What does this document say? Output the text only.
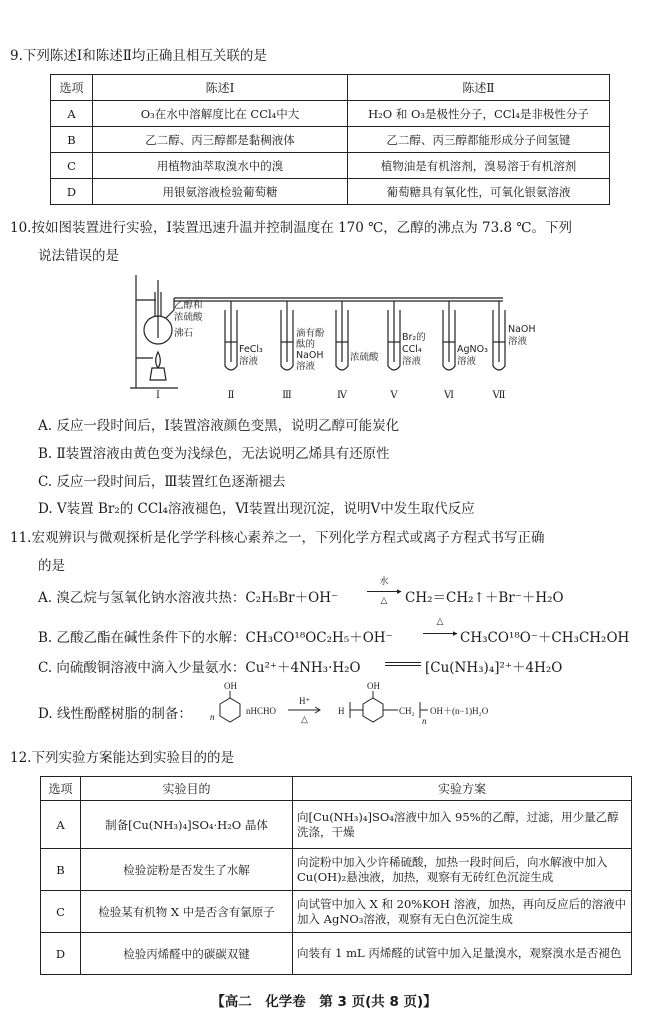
9.下列陈述Ⅰ和陈述Ⅱ均正确且相互关联的是
选项	陈述Ⅰ	陈述Ⅱ
A	O₃在水中溶解度比在 CCl₄中大	H₂O 和 O₃是极性分子，CCl₄是非极性分子
B	乙二醇、丙三醇都是黏稠液体	乙二醇、丙三醇都能形成分子间氢键
C	用植物油萃取溴水中的溴	植物油是有机溶剂，溴易溶于有机溶剂
D	用银氨溶液检验葡萄糖	葡萄糖具有氧化性，可氧化银氨溶液
10.按如图装置进行实验，Ⅰ装置迅速升温并控制温度在 170 ℃，乙醇的沸点为 73.8 ℃。下列
说法错误的是
乙醇和
浓硫酸
沸石
FeCl₃
溶液
滴有酚
酞的
NaOH
溶液
浓硫酸
Br₂的
CCl₄
溶液
AgNO₃
溶液
NaOH
溶液
Ⅰ	Ⅱ	Ⅲ	Ⅳ	Ⅴ	Ⅵ	Ⅶ
A. 反应一段时间后，Ⅰ装置溶液颜色变黑，说明乙醇可能炭化
B. Ⅱ装置溶液由黄色变为浅绿色，无法说明乙烯具有还原性
C. 反应一段时间后，Ⅲ装置红色逐渐褪去
D. Ⅴ装置 Br₂的 CCl₄溶液褪色，Ⅵ装置出现沉淀，说明Ⅴ中发生取代反应
11.宏观辨识与微观探析是化学学科核心素养之一，下列化学方程式或离子方程式书写正确
的是
A. 溴乙烷与氢氧化钠水溶液共热：C₂H₅Br＋OH⁻
水
▸
△	CH₂＝CH₂↑＋Br⁻＋H₂O
B. 乙酸乙酯在碱性条件下的水解：CH₃CO¹⁸OC₂H₅＋OH⁻
△
▸ CH₃CO¹⁸O⁻＋CH₃CH₂OH
C. 向硫酸铜溶液中滴入少量氨水：Cu²⁺＋4NH₃·H₂O	[Cu(NH₃)₄]²⁺＋4H₂O
D. 线性酚醛树脂的制备：
OH
n
nHCHO
H⁺
△
H
OH
CH₂
n
OH＋(n−1)H₂O
12.下列实验方案能达到实验目的的是
选项	实验目的	实验方案
A	制备[Cu(NH₃)₄]SO₄·H₂O 晶体	向[Cu(NH₃)₄]SO₄溶液中加入 95%的乙醇，过滤，用少量乙醇洗涤，干燥
B	检验淀粉是否发生了水解	向淀粉中加入少许稀硫酸，加热一段时间后，向水解液中加入 Cu(OH)₂悬浊液，加热，观察有无砖红色沉淀生成
C	检验某有机物 X 中是否含有氯原子	向试管中加入 X 和 20%KOH 溶液，加热，再向反应后的溶液中加入 AgNO₃溶液，观察有无白色沉淀生成
D	检验丙烯醛中的碳碳双键	向装有 1 mL 丙烯醛的试管中加入足量溴水，观察溴水是否褪色
【高二　化学卷　第 3 页(共 8 页)】
